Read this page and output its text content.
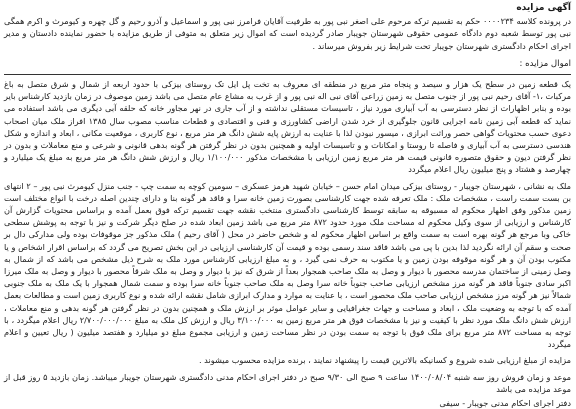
آگهی مزایده

در پرونده کلاسه ۰۰۰۰۲۳۴ حکم به تقسیم ترکه مرحوم علی اصغر نبی پور به طرفیت آقایان فرامرز نبی پور و اسماعیل و آذرو رحیم و گل چهره و کیومرث و اکرم همگی نبی پور توسط شعبه دوم دادگاه عمومی حقوقی شهرستان جویبار صادر گردیده است که اموال زیر متعلق به متوفی از طریق مزایده با حضور نماینده دادستان و مدیر اجرای احکام دادگستری شهرستان جویبار تحت شرایط زیر بفروش میرساند .

اموال مزایده :

یک قطعه زمین در سطح یک هزار و سیصد و پنجاه متر مربع در منطقه ای معروف به تخت پل ایل تک روستای بیزکی با حدود اربعه از شمال و شرق متصل به باغ مرکبات ،۱- آقای رحیم نبی پور از جنوب متصل به زمین زراعی آقای نبی اله نبی پور و از غرب به مشاع عام متصل می باشد زمین موصوف در زمان بازدید کارشناس بایر بوده و بنابر اظهارات از نظر دسترسی به آب آبیاری مورد نیاز ، تاسیسات مستقلی نداشته و از آب جاری در نهر مجاور خانه که حلقه آبی دیگری می باشد استفاده می نماید که قطعه آبی زمین نامه اجرایی قانون جلوگیری از خرد شدن اراضی کشاورزی و فنی و اقتصادی و قطعات مناسب مصوب سال ۱۳۸۵ افراز ملک میان اصحاب دعوی حسب محتویات گواهی حصر وراثت ابرازی ، میسور نبودن لذا با عنایت به ارزش پایه شش دانگ هر متر مربع ، نوع کاربری ، موقعیت مکانی ، ابعاد و اندازه و شکل هندسی دسترسی به آب آبیاری و فاصله تا روستا و امکانات و و تاسیسات اولیه و همچنین بدون در نظر گرفتن هر گونه بدهی قانونی و شرعی و منع معاملات و بدون در نظر گرفتن دیون و حقوق متصوره قانونی قیمت هر متر مربع زمین ارزیابی با مشخصات مذکور ۱/۱۰۰/۰۰۰ ریال و ارزش شش دانگ هر متر مربع به مبلغ یک میلیارد و چهارصد و هشتاد و پنج میلیون ریال اعلام میگردد

ملک به نشانی ، شهرستان جویبار - روستای بیزکی میدان امام حسن – خیابان شهید هرمز عسکری – سومین کوچه به سمت چپ - جنب منزل کیومرث نبی پور – ۲ انتهای بن بست سمت راست ، مشخصات ملک : ملک تعرفه شده جهت کارشناسی بصورت زمین خانه سرا و فاقد هر گونه بنا و دارای چندین اصله درخت با انواع مختلف است زمین مذکور وفق اظهار محکوم له مسبوقه به سابقه توسط کارشناسی دادگستری منتخب نقشه جهت تقسیم ترکه فوق بعمل آمده و براساس محتویات گزارش آن کارشناس و ارزیابی از سوی وکیل محکوم له مساحت ملک مورد حدود ۸۷۲ متر مربع می باشد زمین ابعاد شده در صلح دیگر شرکت و نیز با توجه به پوشش سطحی خاکی وبا مرجع هر گونه بهره است به سمت واقع بر اساس اظهار محکوم له و شخص حاضر در محل ( آقای رحیم ) ملک مذکور جز موقوفات بوده ولی مدارکی دال بر صحت و سقم آن ارائه نگردید لذا بدین با پی می باشد فاقد سند رسمی بوده و قیمت آن کارشناسی ارزیابی در این بخش تصریح می گردد که براساس اقرار اشخاص و یا مکتوب بودن آن و هر گونه موقوفه بودن زمین و یا مکتوب به حرف نمی گیرد ، و به مبلغ ارزیابی کارشناس مورد ملک به شرح ذیل مشخص می باشد که از شمال به وصل زمینی از ساختمان مدرسه محصور با دیوار و وصل به ملک صاحب همجوار بعداً از شرق که نیز با دیوار و وصل به ملک شرقاً محصور با دیوار و وصل به ملک میرزا اکبر سادی جنوباً فاقد هر گونه مرز مشخص ارزیابی صاحب جنوباً خانه سرا وصل به ملک صاحب جنوباً خانه سرا بوده و سمت شمال همجوار با یک ملک به ملک جنوبی شمالاً نیز هر گونه مرز مشخص ارزیابی صاحب ملک محصور است ، با عنایت به موارد و مدارک ابرازی شامل نقشه ارائه شده و نوع کاربری زمین است و مطالعات بعمل آمده که با توجه به وضعیت ملک ، ابعاد و مساحت و جهات جغرافیایی و سایر عوامل موثر بر ارزش ملک و همچنین بدون در نظر گرفتن هر گونه بدهی و منع معاملات ، ارزش شش دانگ ملک مورد نظر با کیفیت و نیز با مشخصات فوق هر متر مربع زمین به ۳/۱۰۰/۰۰۰ ریال و ارزش کل ملک به مبلغ ۲/۷۰۰/۰۰۰/۰۰۰ ریال اعلام میگردد ، با توجه به مساحت ۸۷۲ متر مربع برای ملک فوق با توجه به سمت بودن در نظر مساحت زمین و ارزیابی مجموع مبلغ دو میلیارد و هفتصد میلیون ( ریال تعیین و اعلام میگردد

مزایده از مبلغ ارزیابی شده شروع و کسانیکه بالاترین قیمت را پیشنهاد نمایند ، برنده مزایده محسوب میشوند .

موعد و زمان فروش روز سه شنبه ۱۴۰۰/۰۸/۰۴ ساعت ۹ صبح الی ۹/۳۰ صبح در دفتر اجرای احکام مدنی دادگستری شهرستان جویبار میباشد. زمان بازدید ۵ روز قبل از موعد مزایده می باشد

دفتر اجرای احکام مدنی جویبار - سیفی
